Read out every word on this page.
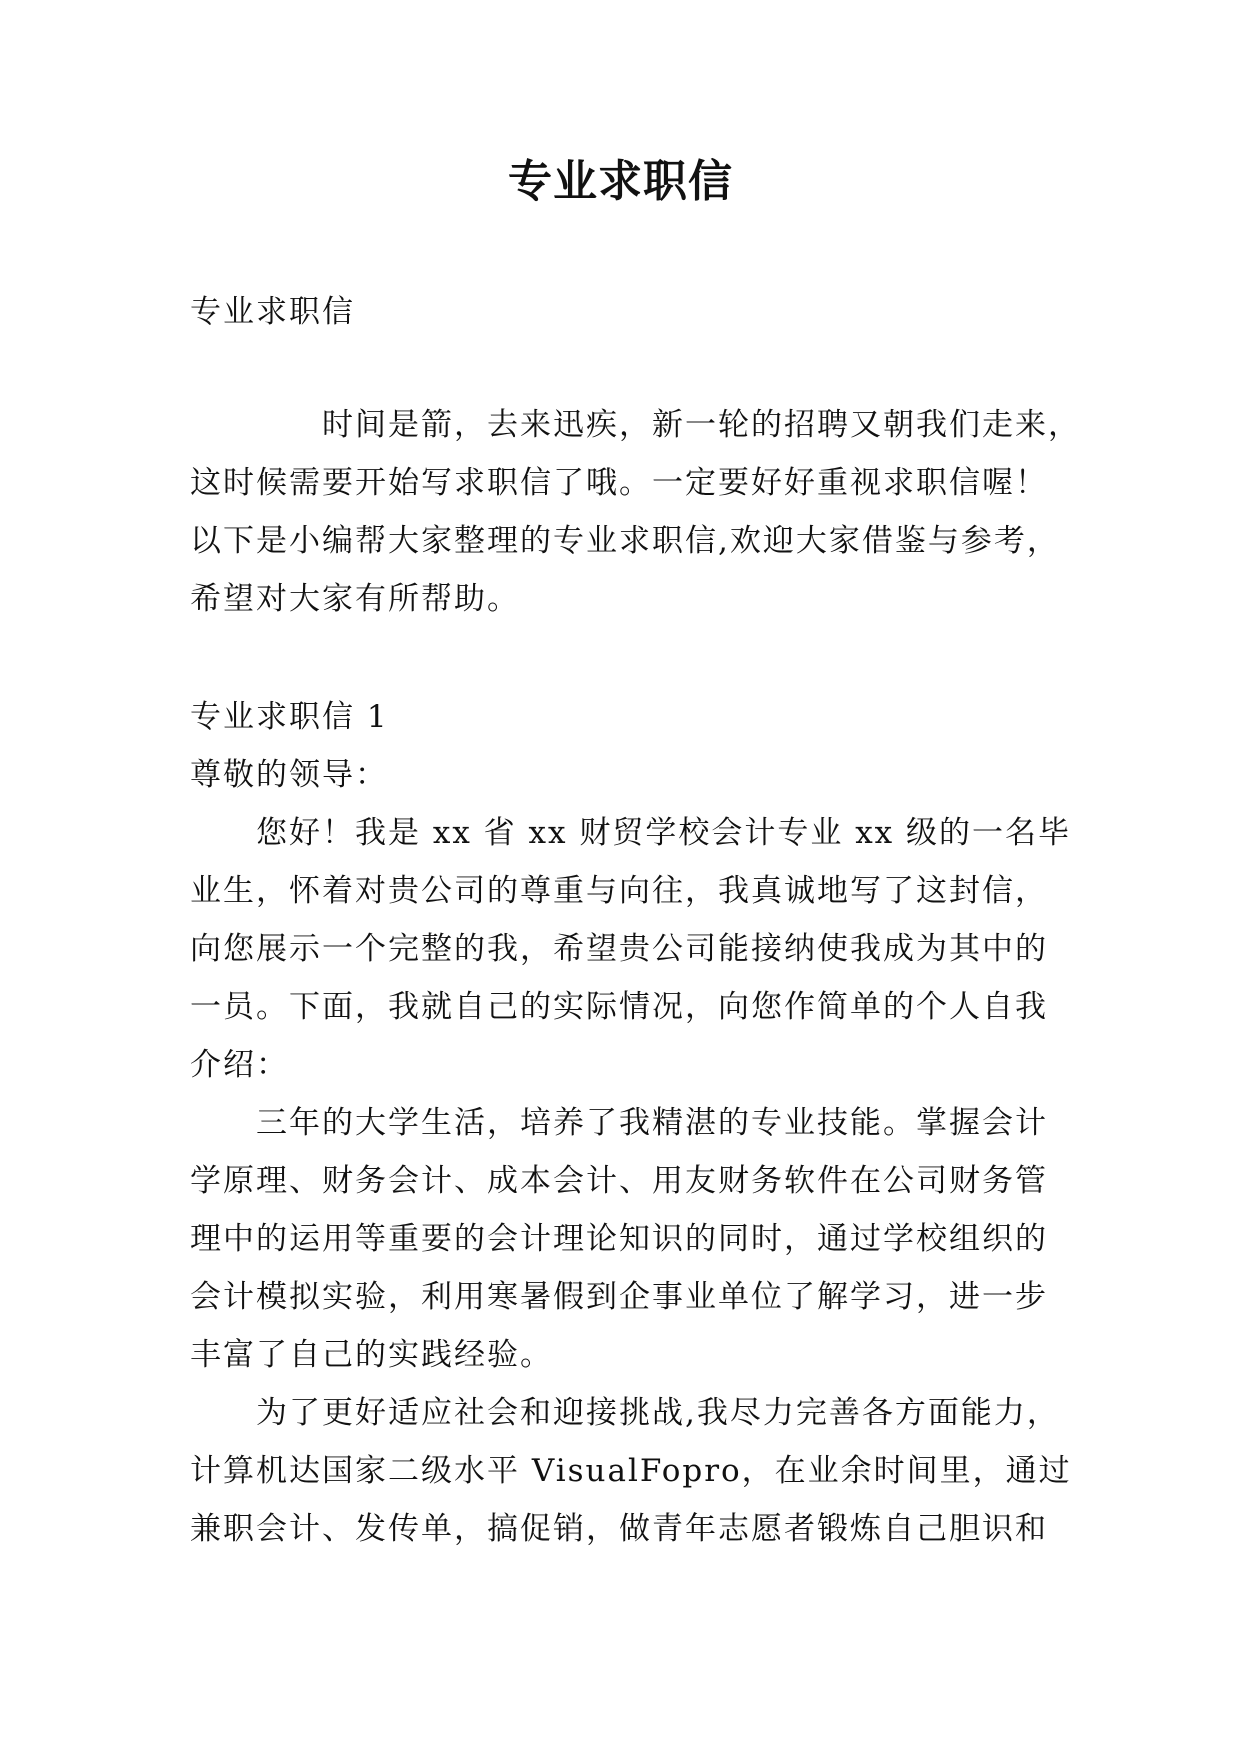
专业求职信

专业求职信

时间是箭，去来迅疾，新一轮的招聘又朝我们走来，

这时候需要开始写求职信了哦。一定要好好重视求职信喔！

以下是小编帮大家整理的专业求职信,欢迎大家借鉴与参考，

希望对大家有所帮助。

专业求职信 1

尊敬的领导：

您好！我是 xx 省 xx 财贸学校会计专业 xx 级的一名毕

业生，怀着对贵公司的尊重与向往，我真诚地写了这封信，

向您展示一个完整的我，希望贵公司能接纳使我成为其中的

一员。下面，我就自己的实际情况，向您作简单的个人自我

介绍：

三年的大学生活，培养了我精湛的专业技能。掌握会计

学原理、财务会计、成本会计、用友财务软件在公司财务管

理中的运用等重要的会计理论知识的同时，通过学校组织的

会计模拟实验，利用寒暑假到企事业单位了解学习，进一步

丰富了自己的实践经验。

为了更好适应社会和迎接挑战,我尽力完善各方面能力，

计算机达国家二级水平 VisualFopro，在业余时间里，通过

兼职会计、发传单，搞促销，做青年志愿者锻炼自己胆识和
